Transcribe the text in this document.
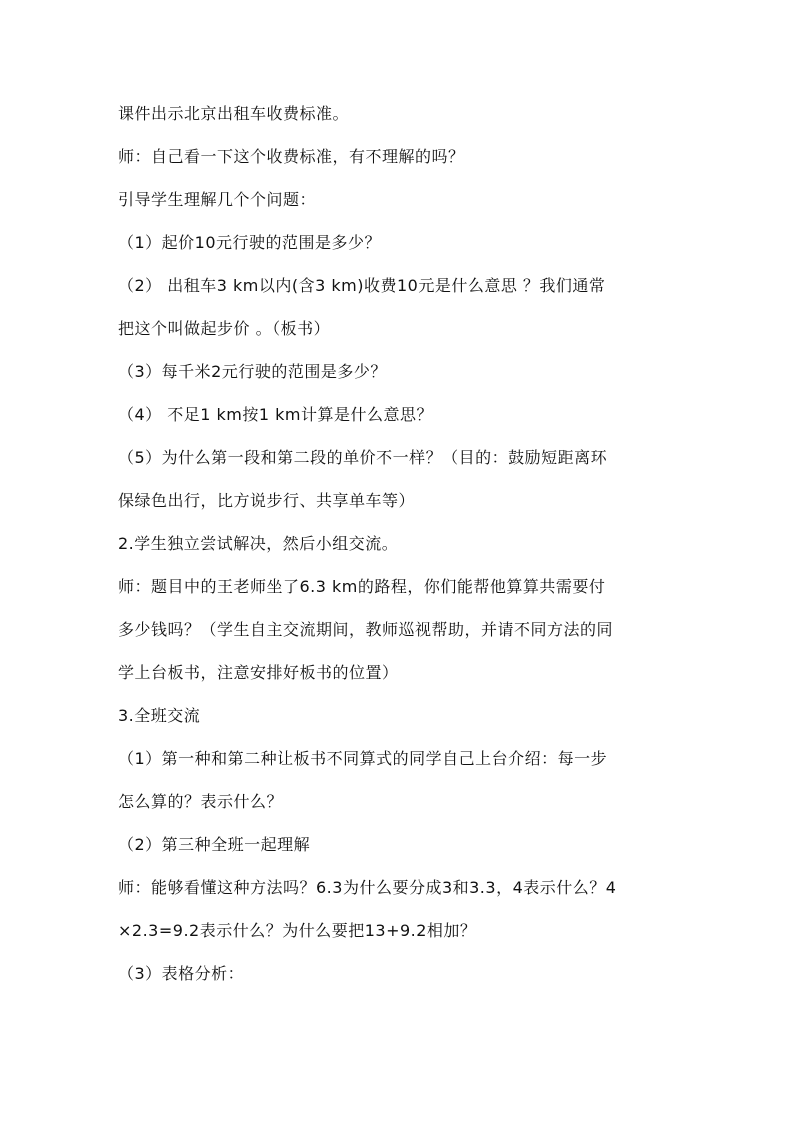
课件出示北京出租车收费标准。
师：自己看一下这个收费标准，有不理解的吗？
引导学生理解几个个问题：
（1）起价10元行驶的范围是多少？
（2） 出租车3 km以内(含3 km)收费10元是什么意思 ？我们通常
把这个叫做起步价 。（板书）
（3）每千米2元行驶的范围是多少？
（4） 不足1 km按1 km计算是什么意思？
（5）为什么第一段和第二段的单价不一样？（目的：鼓励短距离环
保绿色出行，比方说步行、共享单车等）
2.学生独立尝试解决，然后小组交流。
师：题目中的王老师坐了6.3 km的路程，你们能帮他算算共需要付
多少钱吗？（学生自主交流期间，教师巡视帮助，并请不同方法的同
学上台板书，注意安排好板书的位置）
3.全班交流
（1）第一种和第二种让板书不同算式的同学自己上台介绍：每一步
怎么算的？表示什么？
（2）第三种全班一起理解
师：能够看懂这种方法吗？6.3为什么要分成3和3.3，4表示什么？4
×2.3=9.2表示什么？为什么要把13+9.2相加？
（3）表格分析：
